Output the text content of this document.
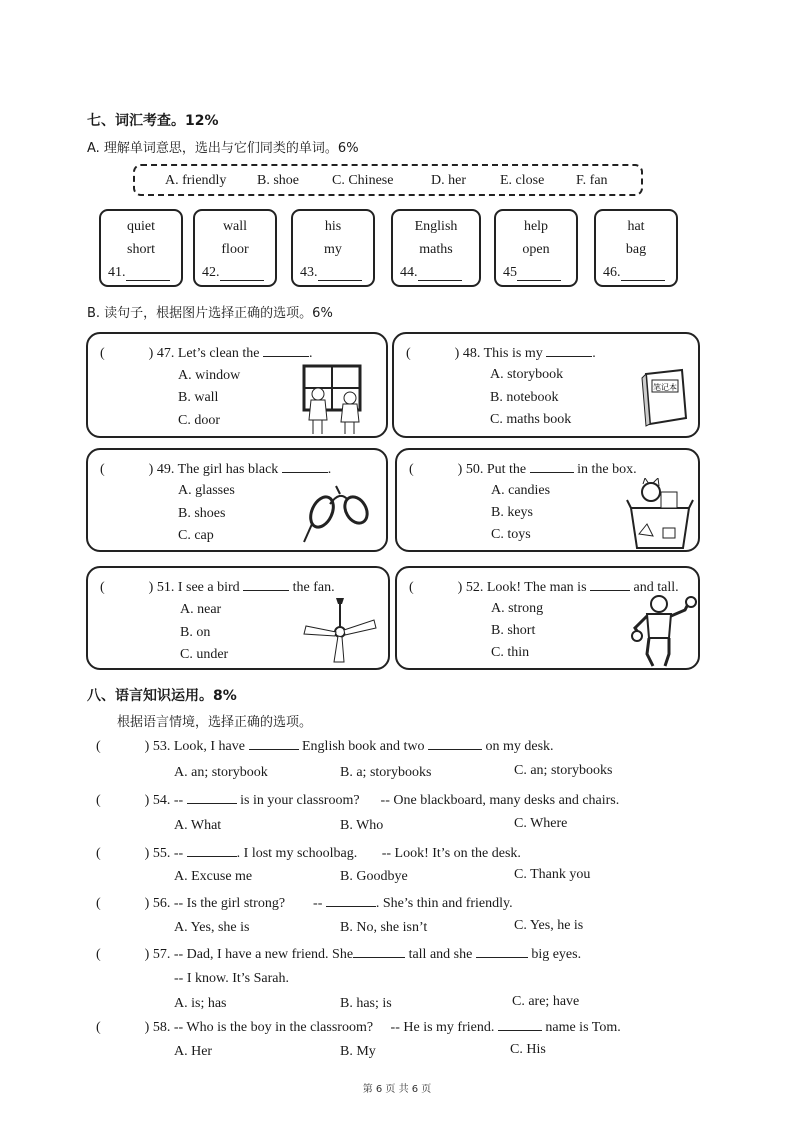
七、词汇考查。12%
A. 理解单词意思，选出与它们同类的单词。6%
A. friendly B. shoe C. Chinese	D. her E. close F. fan
quiet
short
41.
wall
floor
42.
his
my
43.
English
maths
44.
help
open
45
hat
bag
46.
B. 读句子，根据图片选择正确的选项。6%
(	) 47. Let’s clean the	.
A. window
B. wall
C. door
(	) 48. This is my	.
A. storybook
B. notebook
C. maths book
笔记本
(	) 49. The girl has black	.
A. glasses
B. shoes
C. cap
(	) 50. Put the	in the box.
A. candies
B. keys
C. toys
(	) 51. I see a bird	the fan.
A. near
B. on
C. under
(	) 52. Look! The man is	and tall.
A. strong
B. short
C. thin
八、语言知识运用。8%
根据语言情境，选择正确的选项。
(	) 53. Look, I have	English book and two	on my desk.
A. an; storybook	B. a; storybooks	C. an; storybooks
(	) 54. --	is in your classroom? -- One blackboard, many desks and chairs.
A. What	B. Who	C. Where
(	) 55. --	. I lost my schoolbag. -- Look! It’s on the desk.
A. Excuse me	B. Goodbye	C. Thank you
(	) 56. -- Is the girl strong? --	. She’s thin and friendly.
A. Yes, she is	B. No, she isn’t	C. Yes, he is
(	) 57. -- Dad, I have a new friend. She	tall and she	big eyes.
-- I know. It’s Sarah.
A. is; has	B. has; is	C. are; have
(	) 58. -- Who is the boy in the classroom? -- He is my friend.	name is Tom.
A. Her	B. My	C. His
第 6 页 共 6 页
